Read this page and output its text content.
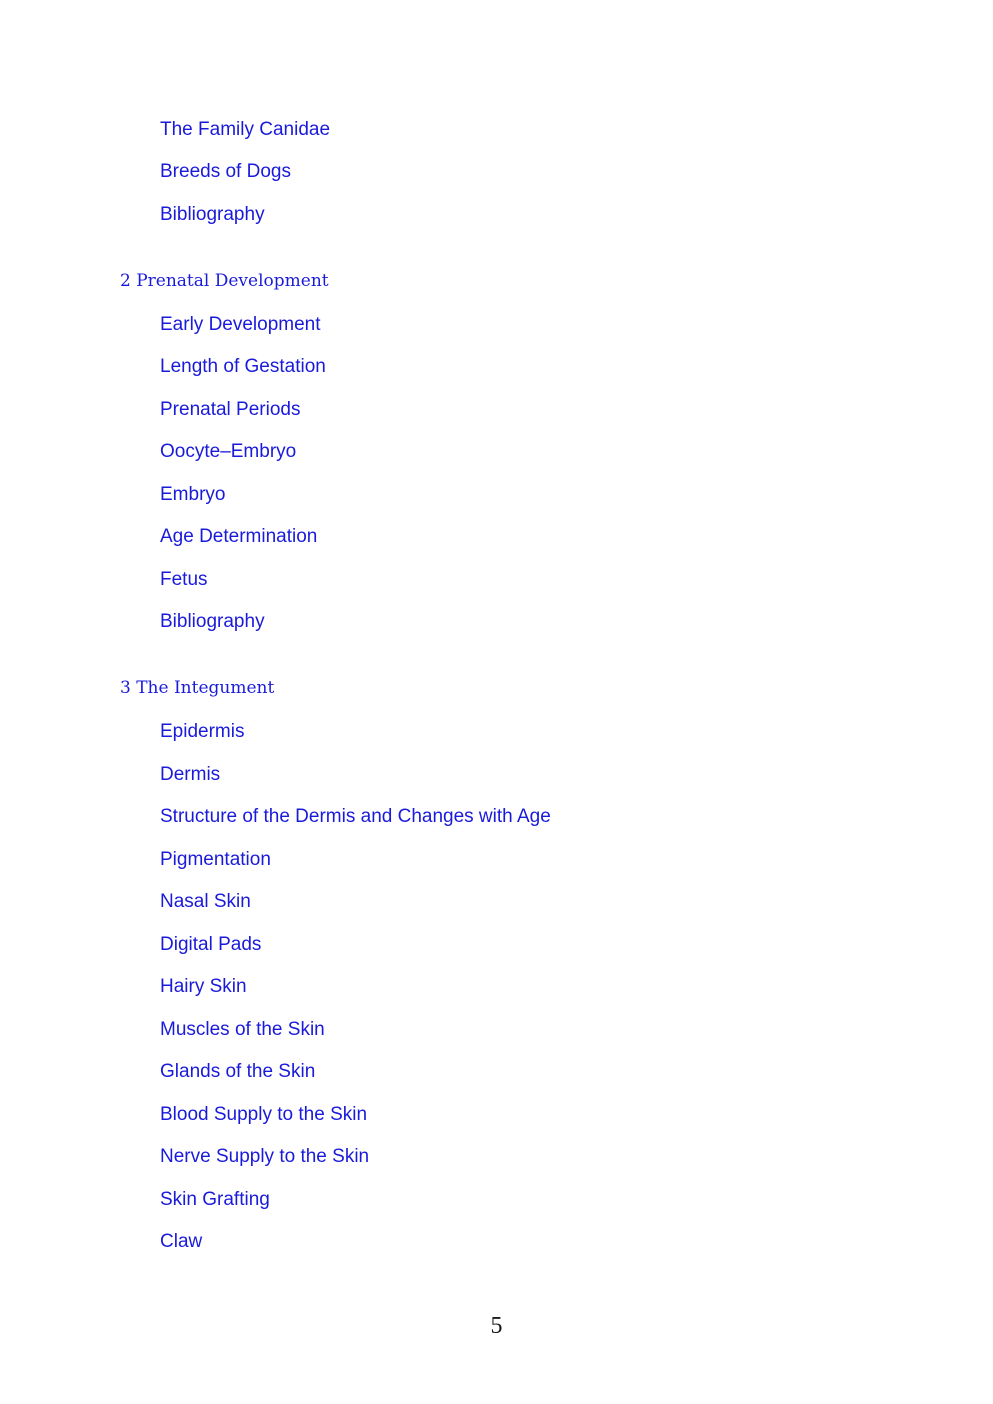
The Family Canidae
Breeds of Dogs
Bibliography
2 Prenatal Development
Early Development
Length of Gestation
Prenatal Periods
Oocyte–Embryo
Embryo
Age Determination
Fetus
Bibliography
3 The Integument
Epidermis
Dermis
Structure of the Dermis and Changes with Age
Pigmentation
Nasal Skin
Digital Pads
Hairy Skin
Muscles of the Skin
Glands of the Skin
Blood Supply to the Skin
Nerve Supply to the Skin
Skin Grafting
Claw
5
